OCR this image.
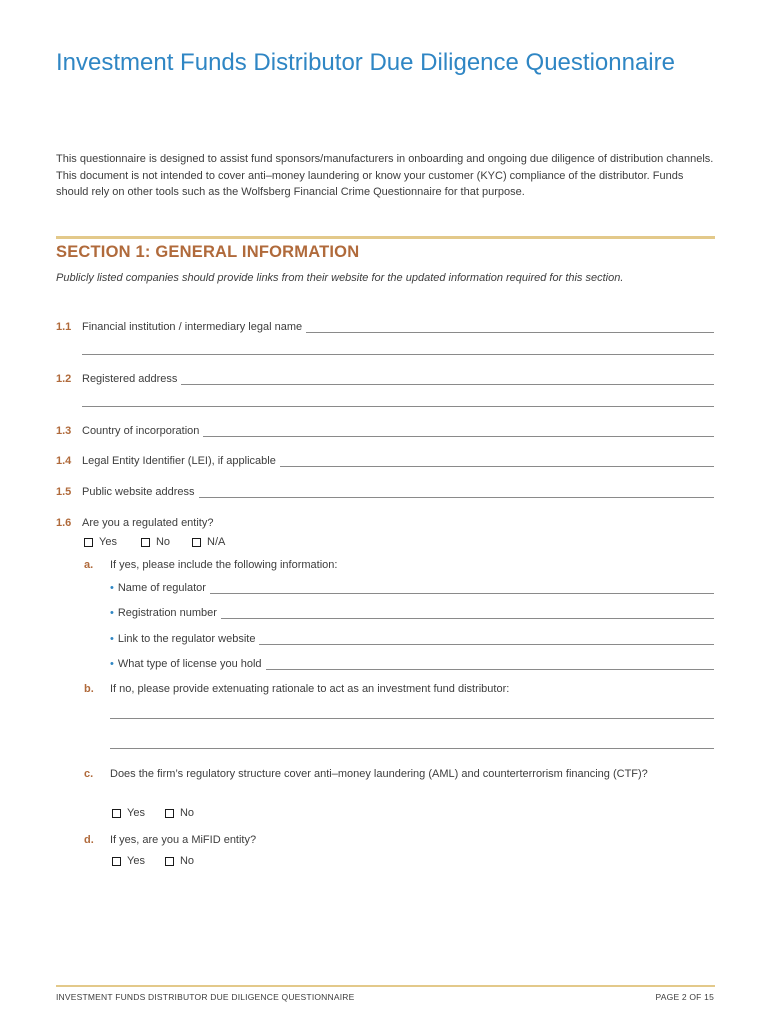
Investment Funds Distributor Due Diligence Questionnaire

This questionnaire is designed to assist fund sponsors/manufacturers in onboarding and ongoing due diligence of distribution channels. This document is not intended to cover anti–money laundering or know your customer (KYC) compliance of the distributor. Funds should rely on other tools such as the Wolfsberg Financial Crime Questionnaire for that purpose.

SECTION 1: GENERAL INFORMATION

Publicly listed companies should provide links from their website for the updated information required for this section.

1.1 Financial institution / intermediary legal name
1.2 Registered address
1.3 Country of incorporation
1.4 Legal Entity Identifier (LEI), if applicable
1.5 Public website address
1.6 Are you a regulated entity?
Yes	No	N/A
a. If yes, please include the following information:
• Name of regulator
• Registration number
• Link to the regulator website
• What type of license you hold
b. If no, please provide extenuating rationale to act as an investment fund distributor:
c. Does the firm’s regulatory structure cover anti–money laundering (AML) and counterterrorism financing (CTF)?
Yes	No
d. If yes, are you a MiFID entity?
Yes	No
INVESTMENT FUNDS DISTRIBUTOR DUE DILIGENCE QUESTIONNAIRE	PAGE 2 OF 15
